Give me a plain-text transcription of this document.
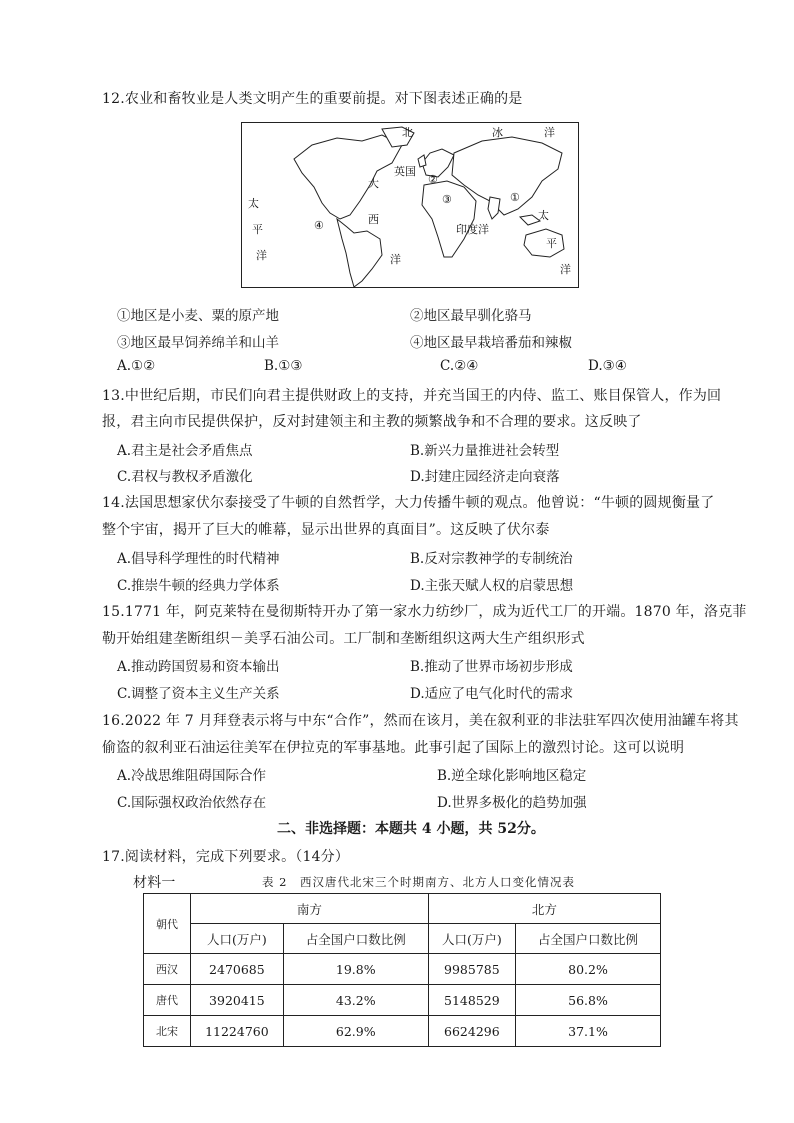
12.农业和畜牧业是人类文明产生的重要前提。对下图表述正确的是
北	冰	洋
英国
大
西
洋
太
平
洋
印度洋
太
平
洋
①
②
③
④
①地区是小麦、粟的原产地	②地区最早驯化骆马
③地区最早饲养绵羊和山羊	④地区最早栽培番茄和辣椒
A.①②	B.①③	C.②④	D.③④
13.中世纪后期，市民们向君主提供财政上的支持，并充当国王的内侍、监工、账目保管人，作为回
报，君主向市民提供保护，反对封建领主和主教的频繁战争和不合理的要求。这反映了
A.君主是社会矛盾焦点	B.新兴力量推进社会转型
C.君权与教权矛盾激化	D.封建庄园经济走向衰落
14.法国思想家伏尔泰接受了牛顿的自然哲学，大力传播牛顿的观点。他曾说：“牛顿的圆规衡量了
整个宇宙，揭开了巨大的帷幕，显示出世界的真面目”。这反映了伏尔泰
A.倡导科学理性的时代精神	B.反对宗教神学的专制统治
C.推崇牛顿的经典力学体系	D.主张天赋人权的启蒙思想
15.1771 年，阿克莱特在曼彻斯特开办了第一家水力纺纱厂，成为近代工厂的开端。1870 年，洛克菲
勒开始组建垄断组织－美孚石油公司。工厂制和垄断组织这两大生产组织形式
A.推动跨国贸易和资本输出	B.推动了世界市场初步形成
C.调整了资本主义生产关系	D.适应了电气化时代的需求
16.2022 年 7 月拜登表示将与中东“合作”，然而在该月，美在叙利亚的非法驻军四次使用油罐车将其
偷盗的叙利亚石油运往美军在伊拉克的军事基地。此事引起了国际上的激烈讨论。这可以说明
A.冷战思维阻碍国际合作	B.逆全球化影响地区稳定
C.国际强权政治依然存在	D.世界多极化的趋势加强
二、非选择题：本题共 4 小题，共 52分。
17.阅读材料，完成下列要求。（14分）
材料一	表 2　西汉唐代北宋三个时期南方、北方人口变化情况表
朝代	南方		北方	
	人口(万户)	占全国户口数比例	人口(万户)	占全国户口数比例
西汉	2470685	19.8%	9985785	80.2%
唐代	3920415	43.2%	5148529	56.8%
北宋	11224760	62.9%	6624296	37.1%
